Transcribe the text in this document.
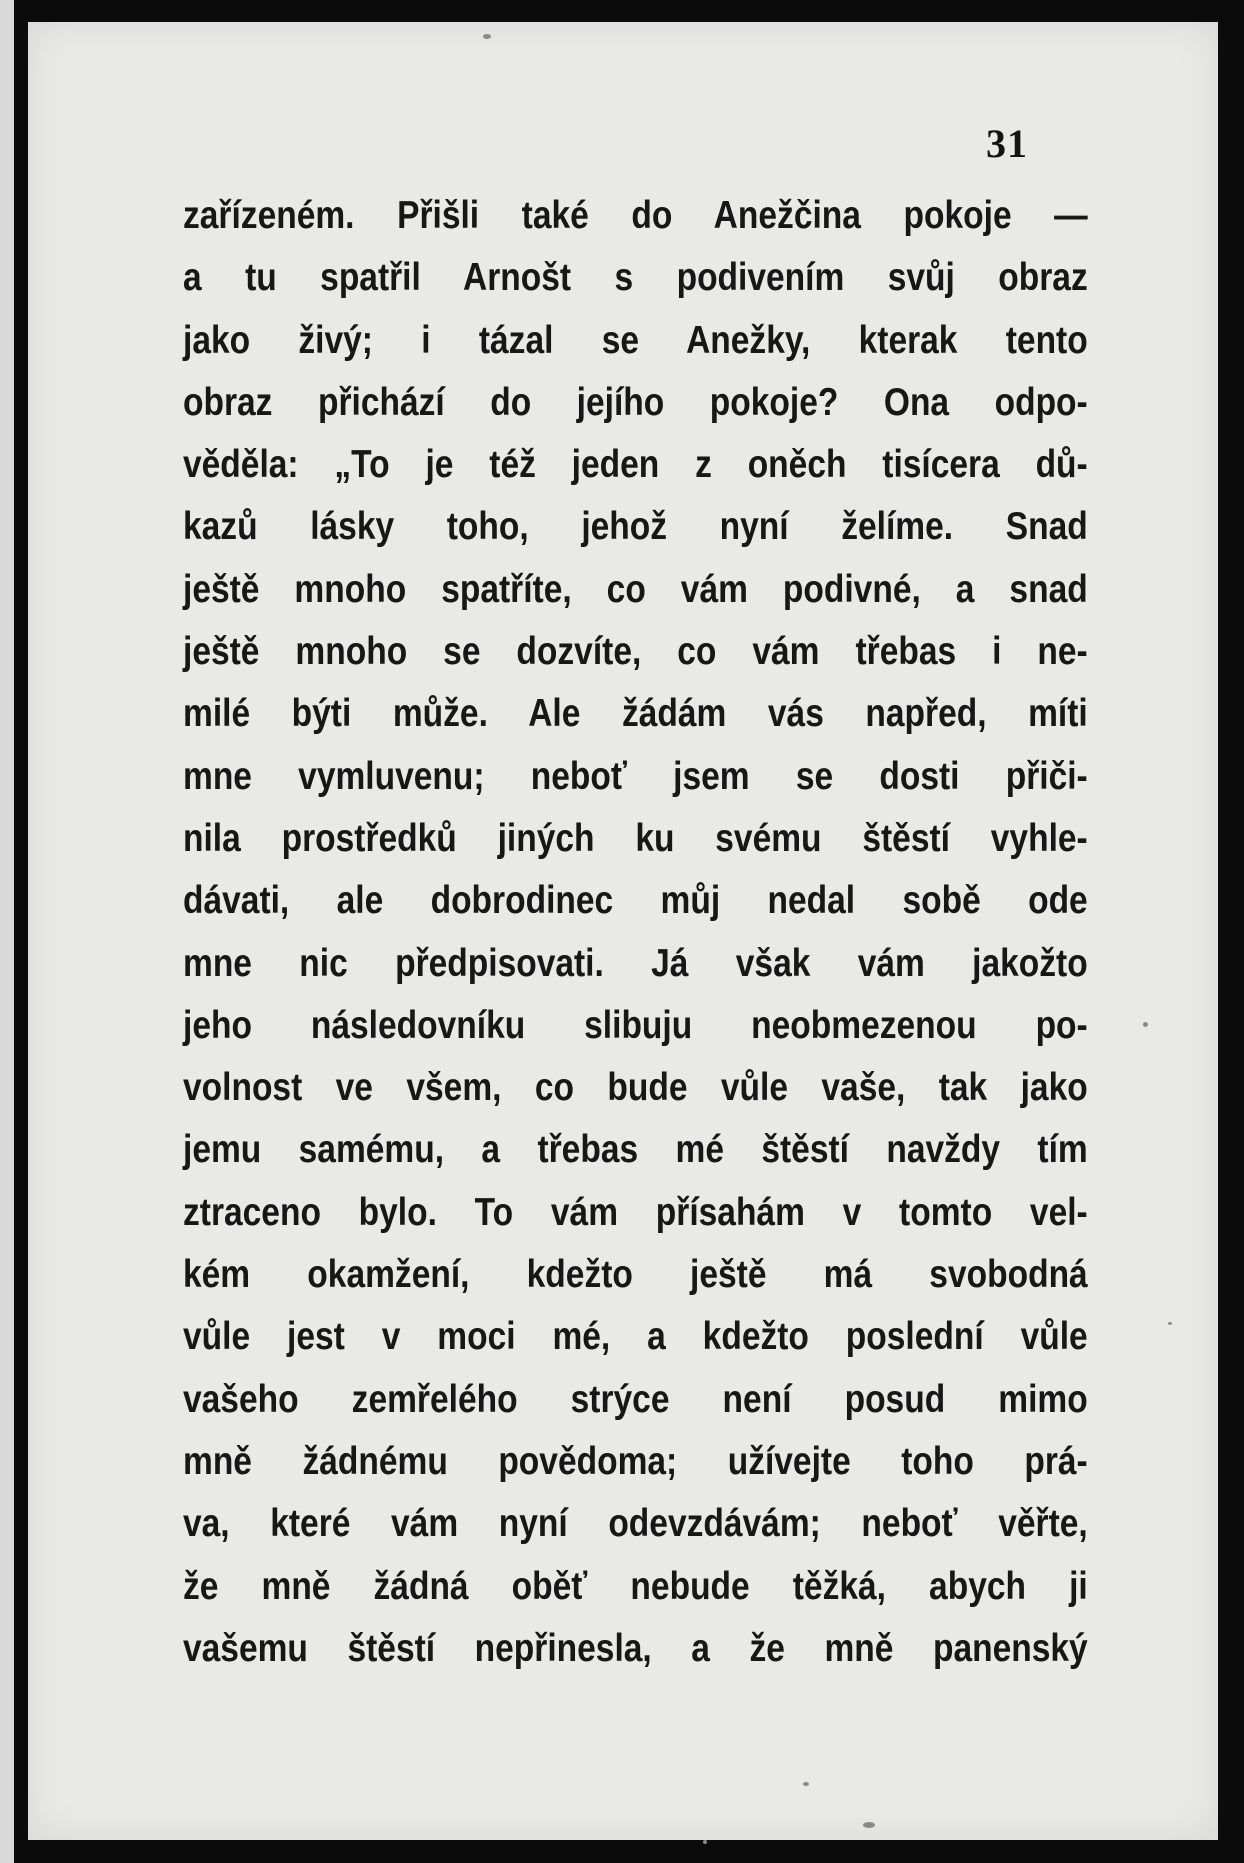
31

zařízeném. Přišli také do Anežčina pokoje —
a tu spatřil Arnošt s podivením svůj obraz
jako živý; i tázal se Anežky, kterak tento
obraz přichází do jejího pokoje? Ona odpo-
věděla: „To je též jeden z oněch tisícera dů-
kazů lásky toho, jehož nyní želíme. Snad
ještě mnoho spatříte, co vám podivné, a snad
ještě mnoho se dozvíte, co vám třebas i ne-
milé býti může. Ale žádám vás napřed, míti
mne vymluvenu; neboť jsem se dosti přiči-
nila prostředků jiných ku svému štěstí vyhle-
dávati, ale dobrodinec můj nedal sobě ode
mne nic předpisovati. Já však vám jakožto
jeho následovníku slibuju neobmezenou po-
volnost ve všem, co bude vůle vaše, tak jako
jemu samému, a třebas mé štěstí navždy tím
ztraceno bylo. To vám přísahám v tomto vel-
kém okamžení, kdežto ještě má svobodná
vůle jest v moci mé, a kdežto poslední vůle
vašeho zemřelého strýce není posud mimo
mně žádnému povědoma; užívejte toho prá-
va, které vám nyní odevzdávám; neboť věřte,
že mně žádná oběť nebude těžká, abych ji
vašemu štěstí nepřinesla, a že mně panenský
